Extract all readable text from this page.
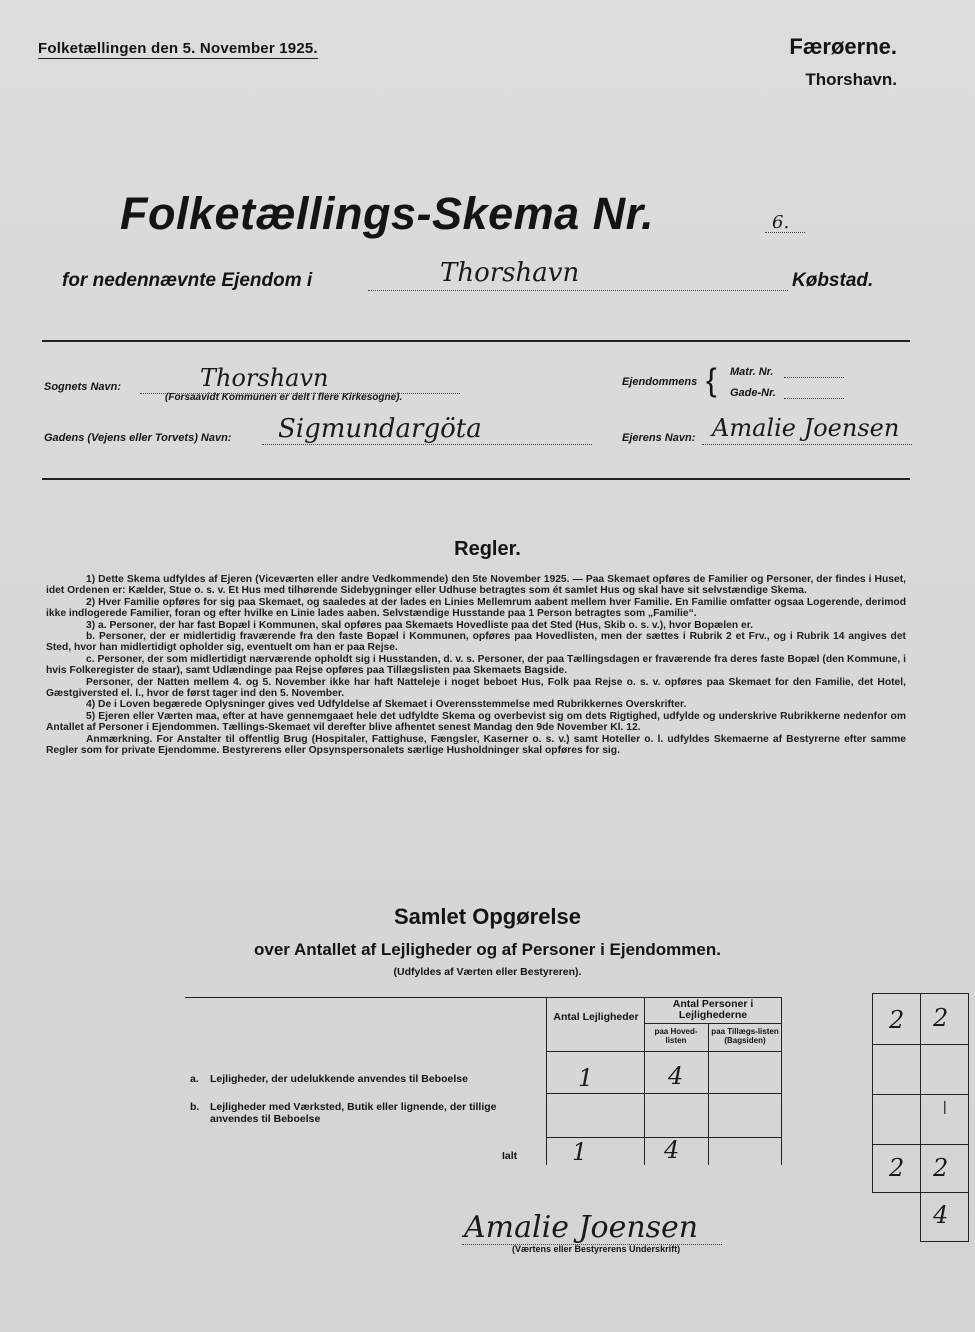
Folketællingen den 5. November 1925.	Færøerne.
Thorshavn.
Folketællings-Skema Nr.	6.
for nedennævnte Ejendom i	Thorshavn	Købstad.
Sognets Navn:	Thorshavn
(Forsaavidt Kommunen er delt i flere Kirkesogne).
Ejendommens { Matr. Nr.
Gade-Nr.
Gadens (Vejens eller Torvets) Navn: Sigmundargöta	Ejerens Navn: Amalie Joensen
Regler.

1) Dette Skema udfyldes af Ejeren (Viceværten eller andre Vedkommende) den 5te November 1925. — Paa Skemaet opføres de Familier og Personer, der findes i Huset, idet Ordenen er: Kælder, Stue o. s. v. Et Hus med tilhørende Sidebygninger eller Udhuse betragtes som ét samlet Hus og skal have sit selvstændige Skema.

2) Hver Familie opføres for sig paa Skemaet, og saaledes at der lades en Linies Mellemrum aabent mellem hver Familie. En Familie omfatter ogsaa Logerende, derimod ikke indlogerede Familier, foran og efter hvilke en Linie lades aaben. Selvstændige Husstande paa 1 Person betragtes som „Familie“.

3) a. Personer, der har fast Bopæl i Kommunen, skal opføres paa Skemaets Hovedliste paa det Sted (Hus, Skib o. s. v.), hvor Bopælen er.

b. Personer, der er midlertidig fraværende fra den faste Bopæl i Kommunen, opføres paa Hovedlisten, men der sættes i Rubrik 2 et Frv., og i Rubrik 14 angives det Sted, hvor han midlertidigt opholder sig, eventuelt om han er paa Rejse.

c. Personer, der som midlertidigt nærværende opholdt sig i Husstanden, d. v. s. Personer, der paa Tællingsdagen er fraværende fra deres faste Bopæl (den Kommune, i hvis Folkeregister de staar), samt Udlændinge paa Rejse opføres paa Tillægslisten paa Skemaets Bagside.

Personer, der Natten mellem 4. og 5. November ikke har haft Natteleje i noget beboet Hus, Folk paa Rejse o. s. v. opføres paa Skemaet for den Familie, det Hotel, Gæstgiversted el. l., hvor de først tager ind den 5. November.

4) De i Loven begærede Oplysninger gives ved Udfyldelse af Skemaet i Overensstemmelse med Rubrikkernes Overskrifter.

5) Ejeren eller Værten maa, efter at have gennemgaaet hele det udfyldte Skema og overbevist sig om dets Rigtighed, udfylde og underskrive Rubrikkerne nedenfor om Antallet af Personer i Ejendommen. Tællings-Skemaet vil derefter blive afhentet senest Mandag den 9de November Kl. 12.

Anmærkning. For Anstalter til offentlig Brug (Hospitaler, Fattighuse, Fængsler, Kaserner o. s. v.) samt Hoteller o. l. udfyldes Skemaerne af Bestyrerne efter samme Regler som for private Ejendomme. Bestyrerens eller Opsynspersonalets særlige Husholdninger skal opføres for sig.

Samlet Opgørelse
over Antallet af Lejligheder og af Personer i Ejendommen.
(Udfyldes af Værten eller Bestyreren).
Antal Lejligheder
Antal Personer i Lejlighederne
paa Hoved-listen
paa Tillægs-listen (Bagsiden)
a. Lejligheder, der udelukkende anvendes til Beboelse	1	4
b. Lejligheder med Værksted, Butik eller lignende, der tillige anvendes til Beboelse
Ialt 1	4
2 2
|
2 2
4
Amalie Joensen
(Værtens eller Bestyrerens Underskrift)
